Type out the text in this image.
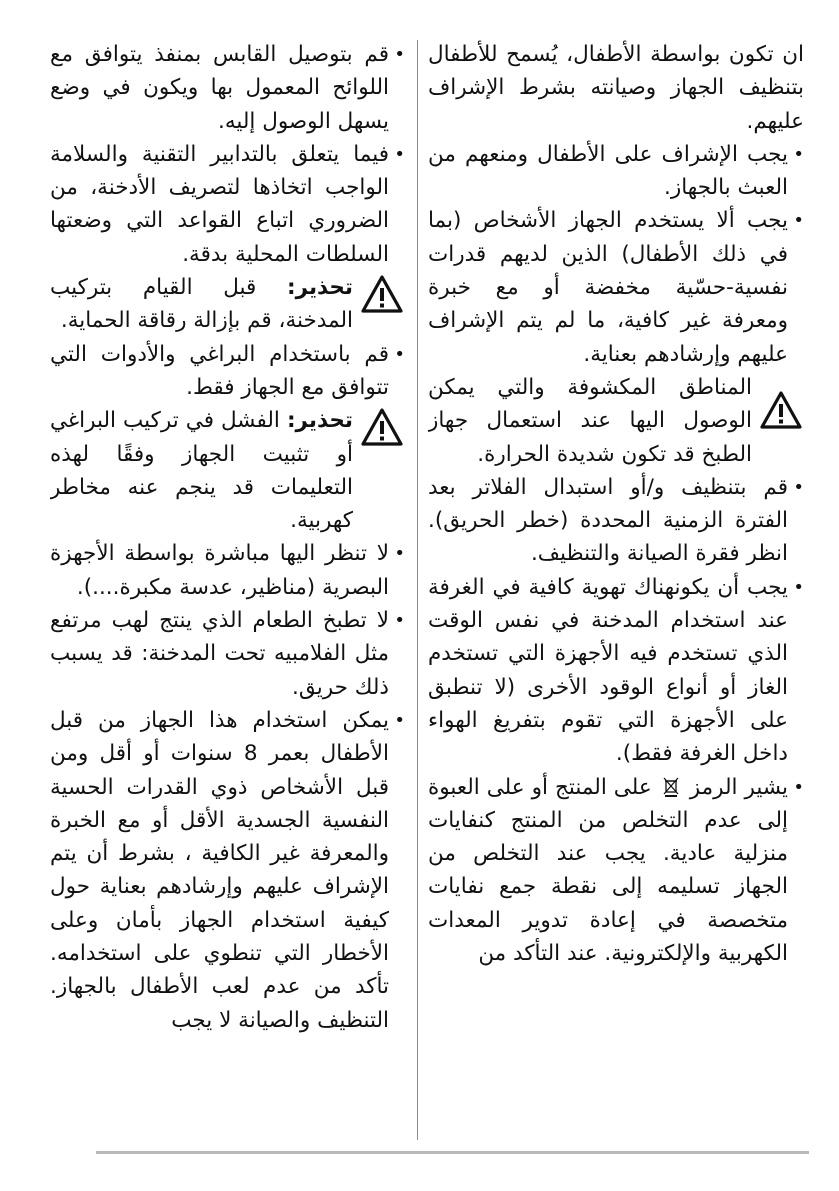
ان تكون بواسطة الأطفال، يُسمح للأطفال بتنظيف الجهاز وصيانته بشرط الإشراف عليهم.

•

يجب الإشراف على الأطفال ومنعهم من العبث بالجهاز.

•

يجب ألا يستخدم الجهاز الأشخاص (بما في ذلك الأطفال) الذين لديهم قدرات نفسية-حسّية مخفضة أو مع خبرة ومعرفة غير كافية، ما لم يتم الإشراف عليهم وإرشادهم بعناية.

المناطق المكشوفة والتي يمكن الوصول اليها عند استعمال جهاز الطبخ قد تكون شديدة الحرارة.

•

قم بتنظيف و/أو استبدال الفلاتر بعد الفترة الزمنية المحددة (خطر الحريق). انظر فقرة الصيانة والتنظيف.

•

يجب أن يكونهناك تهوية كافية في الغرفة عند استخدام المدخنة في نفس الوقت الذي تستخدم فيه الأجهزة التي تستخدم الغاز أو أنواع الوقود الأخرى (لا تنطبق على الأجهزة التي تقوم بتفريغ الهواء داخل الغرفة فقط).

•

يشير الرمز  على المنتج أو على العبوة إلى عدم التخلص من المنتج كنفايات منزلية عادية. يجب عند التخلص من الجهاز تسليمه إلى نقطة جمع نفايات متخصصة في إعادة تدوير المعدات الكهربية والإلكترونية. عند التأكد من

•

قم بتوصيل القابس بمنفذ يتوافق مع اللوائح المعمول بها ويكون في وضع يسهل الوصول إليه.

•

فيما يتعلق بالتدابير التقنية والسلامة الواجب اتخاذها لتصريف الأدخنة، من الضروري اتباع القواعد التي وضعتها السلطات المحلية بدقة.

تحذير: قبل القيام بتركيب المدخنة، قم بإزالة رقاقة الحماية.

•

قم باستخدام البراغي والأدوات التي تتوافق مع الجهاز فقط.

تحذير: الفشل في تركيب البراغي أو تثبيت الجهاز وفقًا لهذه التعليمات قد ينجم عنه مخاطر كهربية.

•

لا تنظر اليها مباشرة بواسطة الأجهزة البصرية (مناظير، عدسة مكبرة....).

•

لا تطبخ الطعام الذي ينتج لهب مرتفع مثل الفلامبيه تحت المدخنة: قد يسبب ذلك حريق.

•

يمكن استخدام هذا الجهاز من قبل الأطفال بعمر 8 سنوات أو أقل ومن قبل الأشخاص ذوي القدرات الحسية النفسية الجسدية الأقل أو مع الخبرة والمعرفة غير الكافية ، بشرط أن يتم الإشراف عليهم وإرشادهم بعناية حول كيفية استخدام الجهاز بأمان وعلى الأخطار التي تنطوي على استخدامه. تأكد من عدم لعب الأطفال بالجهاز. التنظيف والصيانة لا يجب
